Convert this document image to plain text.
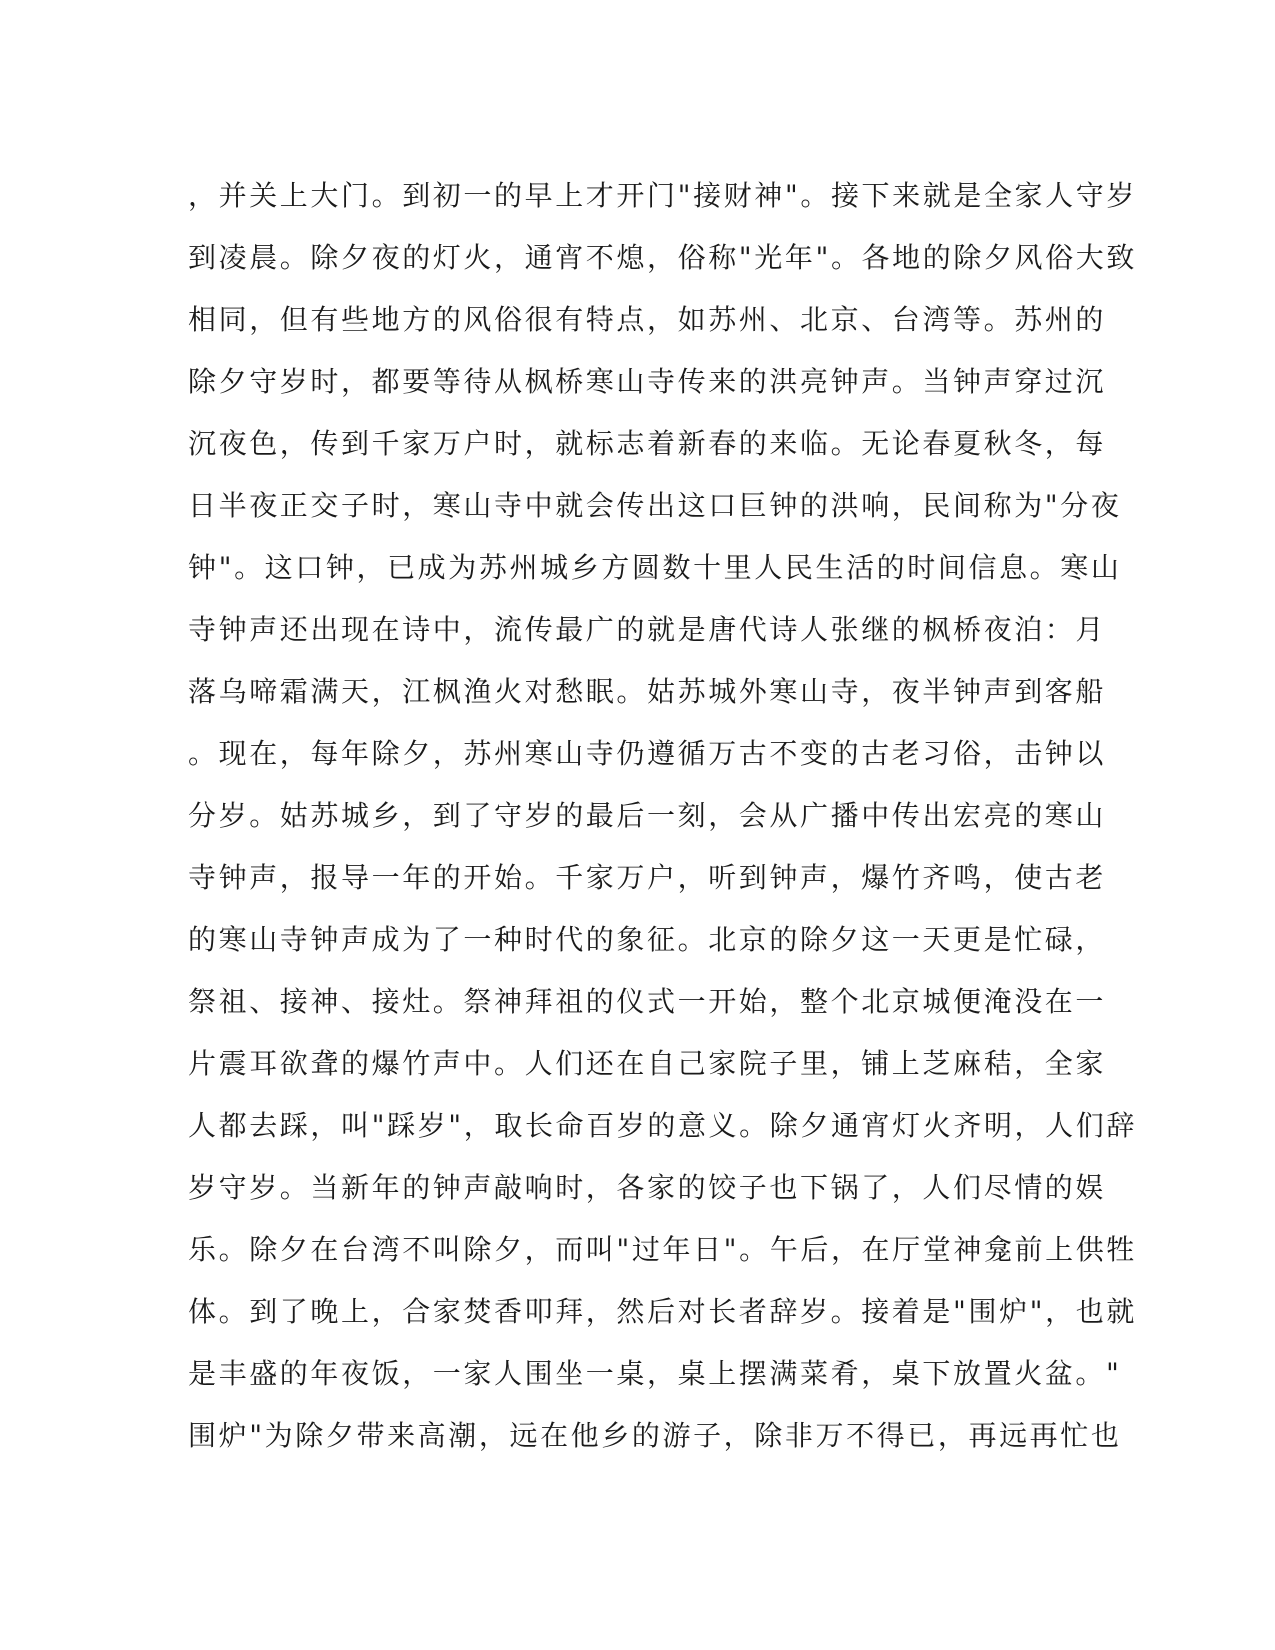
，并关上大门。到初一的早上才开门"接财神"。接下来就是全家人守岁
到凌晨。除夕夜的灯火，通宵不熄，俗称"光年"。各地的除夕风俗大致
相同，但有些地方的风俗很有特点，如苏州、北京、台湾等。苏州的
除夕守岁时，都要等待从枫桥寒山寺传来的洪亮钟声。当钟声穿过沉
沉夜色，传到千家万户时，就标志着新春的来临。无论春夏秋冬，每
日半夜正交子时，寒山寺中就会传出这口巨钟的洪响，民间称为"分夜
钟"。这口钟，已成为苏州城乡方圆数十里人民生活的时间信息。寒山
寺钟声还出现在诗中，流传最广的就是唐代诗人张继的枫桥夜泊：月
落乌啼霜满天，江枫渔火对愁眠。姑苏城外寒山寺，夜半钟声到客船
。现在，每年除夕，苏州寒山寺仍遵循万古不变的古老习俗，击钟以
分岁。姑苏城乡，到了守岁的最后一刻，会从广播中传出宏亮的寒山
寺钟声，报导一年的开始。千家万户，听到钟声，爆竹齐鸣，使古老
的寒山寺钟声成为了一种时代的象征。北京的除夕这一天更是忙碌，
祭祖、接神、接灶。祭神拜祖的仪式一开始，整个北京城便淹没在一
片震耳欲聋的爆竹声中。人们还在自己家院子里，铺上芝麻秸，全家
人都去踩，叫"踩岁"，取长命百岁的意义。除夕通宵灯火齐明，人们辞
岁守岁。当新年的钟声敲响时，各家的饺子也下锅了，人们尽情的娱
乐。除夕在台湾不叫除夕，而叫"过年日"。午后，在厅堂神龛前上供牲
体。到了晚上，合家焚香叩拜，然后对长者辞岁。接着是"围炉"，也就
是丰盛的年夜饭，一家人围坐一桌，桌上摆满菜肴，桌下放置火盆。"
围炉"为除夕带来高潮，远在他乡的游子，除非万不得已，再远再忙也
